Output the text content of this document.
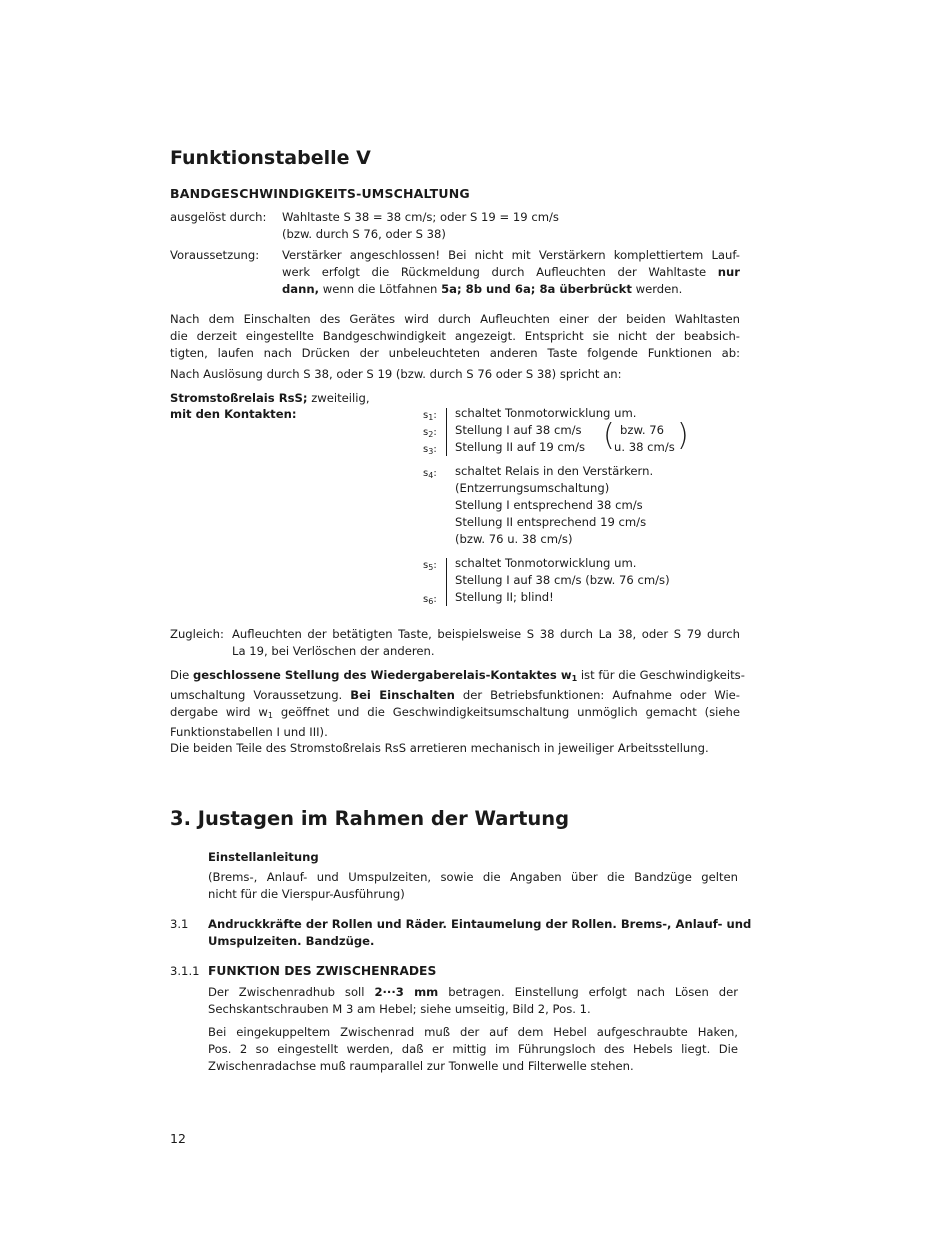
Funktionstabelle V
BANDGESCHWINDIGKEITS-UMSCHALTUNG
ausgelöst durch: Wahltaste S 38 = 38 cm/s; oder S 19 = 19 cm/s
(bzw. durch S 76, oder S 38)
Voraussetzung: Verstärker angeschlossen! Bei nicht mit Verstärkern komplettiertem Lauf-
werk erfolgt die Rückmeldung durch Aufleuchten der Wahltaste nur
dann, wenn die Lötfahnen 5a; 8b und 6a; 8a überbrückt werden.
Nach dem Einschalten des Gerätes wird durch Aufleuchten einer der beiden Wahltasten
die derzeit eingestellte Bandgeschwindigkeit angezeigt. Entspricht sie nicht der beabsich-
tigten, laufen nach Drücken der unbeleuchteten anderen Taste folgende Funktionen ab:
Nach Auslösung durch S 38, oder S 19 (bzw. durch S 76 oder S 38) spricht an:
Stromstoßrelais RsS; zweiteilig,
mit den Kontakten:	$s_1$:
$s_2$:
$s_3$:
$s_4$:
$s_5$:
$s_6$:
schaltet Tonmotorwicklung um.
Stellung I auf 38 cm/s
Stellung II auf 19 cm/s ( bzw. 76
u. 38 cm/s )
schaltet Relais in den Verstärkern.
(Entzerrungsumschaltung)
Stellung I entsprechend 38 cm/s
Stellung II entsprechend 19 cm/s
(bzw. 76 u. 38 cm/s)
schaltet Tonmotorwicklung um.
Stellung I auf 38 cm/s (bzw. 76 cm/s)
Stellung II; blind!
Zugleich: Aufleuchten der betätigten Taste, beispielsweise S 38 durch La 38, oder S 79 durch
La 19, bei Verlöschen der anderen.
Die geschlossene Stellung des Wiedergaberelais-Kontaktes $w_1$ ist für die Geschwindigkeits-
umschaltung Voraussetzung. Bei Einschalten der Betriebsfunktionen: Aufnahme oder Wie-
dergabe wird $w_1$ geöffnet und die Geschwindigkeitsumschaltung unmöglich gemacht (siehe
Funktionstabellen I und III).
Die beiden Teile des Stromstoßrelais RsS arretieren mechanisch in jeweiliger Arbeitsstellung.
3. Justagen im Rahmen der Wartung
Einstellanleitung
(Brems-, Anlauf- und Umspulzeiten, sowie die Angaben über die Bandzüge gelten
nicht für die Vierspur-Ausführung)
3.1 Andruckkräfte der Rollen und Räder. Eintaumelung der Rollen. Brems-, Anlauf- und
Umspulzeiten. Bandzüge.
3.1.1 FUNKTION DES ZWISCHENRADES
Der Zwischenradhub soll 2···3 mm betragen. Einstellung erfolgt nach Lösen der
Sechskantschrauben M 3 am Hebel; siehe umseitig, Bild 2, Pos. 1.
Bei eingekuppeltem Zwischenrad muß der auf dem Hebel aufgeschraubte Haken,
Pos. 2 so eingestellt werden, daß er mittig im Führungsloch des Hebels liegt. Die
Zwischenradachse muß raumparallel zur Tonwelle und Filterwelle stehen.
12
